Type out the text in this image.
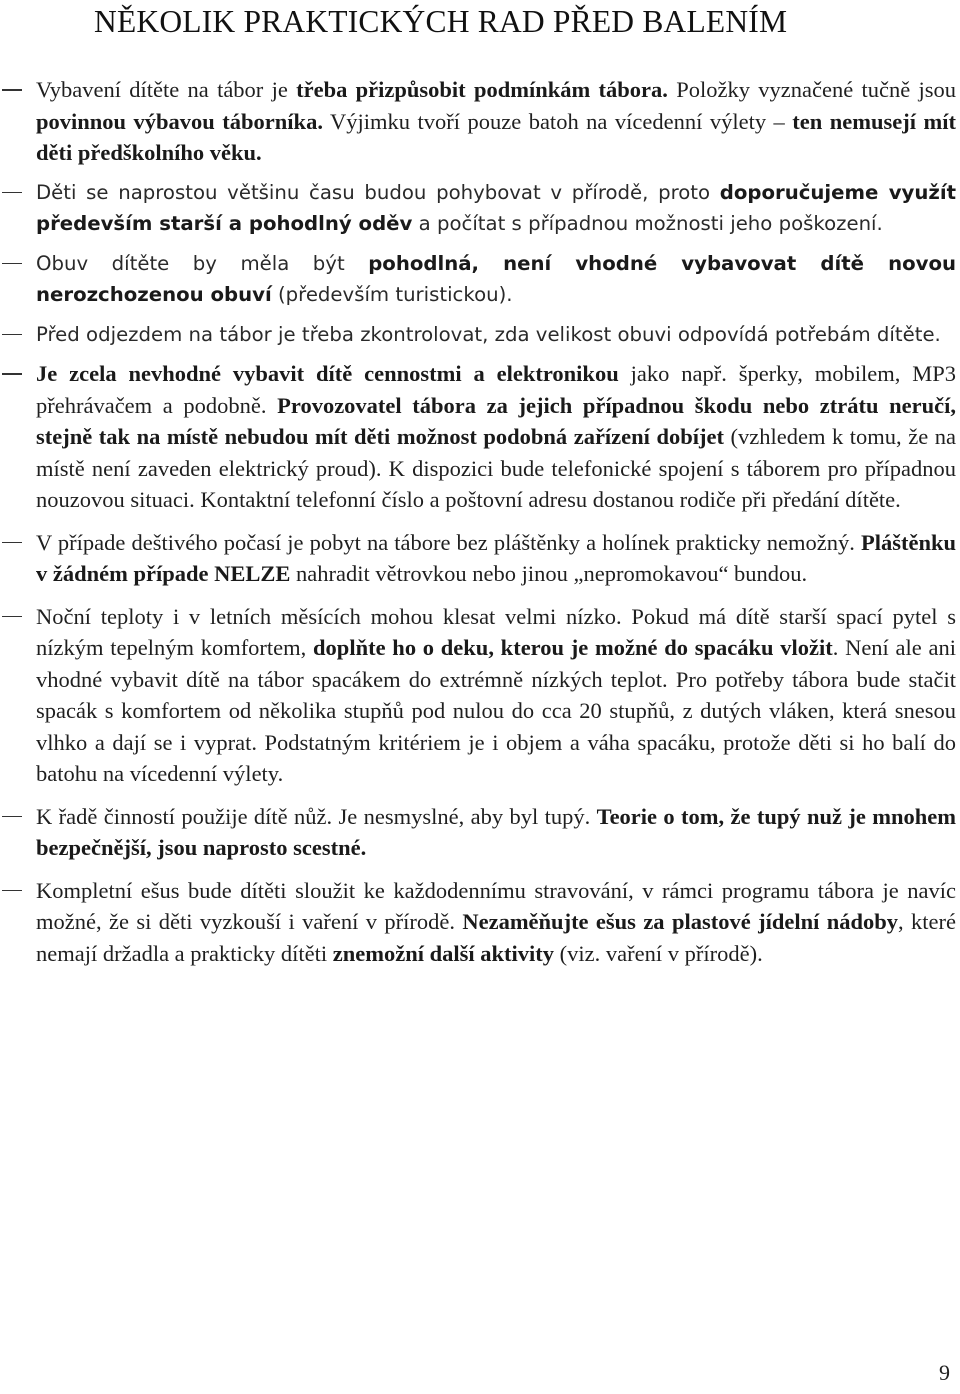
NĚKOLIK PRAKTICKÝCH RAD PŘED BALENÍM
Vybavení dítěte na tábor je třeba přizpůsobit podmínkám tábora. Položky vyznačené tučně jsou povinnou výbavou táborníka. Výjimku tvoří pouze batoh na vícedenní výlety – ten nemusejí mít děti předškolního věku.
Děti se naprostou většinu času budou pohybovat v přírodě, proto doporučujeme využít především starší a pohodlný oděv a počítat s případnou možnosti jeho poškození.
Obuv dítěte by měla být pohodlná, není vhodné vybavovat dítě novou nerozchozenou obuví (především turistickou).
Před odjezdem na tábor je třeba zkontrolovat, zda velikost obuvi odpovídá potřebám dítěte.
Je zcela nevhodné vybavit dítě cennostmi a elektronikou jako např. šperky, mobilem, MP3 přehrávačem a podobně. Provozovatel tábora za jejich případnou škodu nebo ztrátu neručí, stejně tak na místě nebudou mít děti možnost podobná zařízení dobíjet (vzhledem k tomu, že na místě není zaveden elektrický proud). K dispozici bude telefonické spojení s táborem pro případnou nouzovou situaci. Kontaktní telefonní číslo a poštovní adresu dostanou rodiče při předání dítěte.
V případe deštivého počasí je pobyt na tábore bez pláštěnky a holínek prakticky nemožný. Pláštěnku v žádném případe NELZE nahradit větrovkou nebo jinou „nepromokavou“ bundou.
Noční teploty i v letních měsících mohou klesat velmi nízko. Pokud má dítě starší spací pytel s nízkým tepelným komfortem, doplňte ho o deku, kterou je možné do spacáku vložit. Není ale ani vhodné vybavit dítě na tábor spacákem do extrémně nízkých teplot. Pro potřeby tábora bude stačit spacák s komfortem od několika stupňů pod nulou do cca 20 stupňů, z dutých vláken, která snesou vlhko a dají se i vyprat. Podstatným kritériem je i objem a váha spacáku, protože děti si ho balí do batohu na vícedenní výlety.
K řadě činností použije dítě nůž. Je nesmyslné, aby byl tupý. Teorie o tom, že tupý nuž je mnohem bezpečnější, jsou naprosto scestné.
Kompletní ešus bude dítěti sloužit ke každodennímu stravování, v rámci programu tábora je navíc možné, že si děti vyzkouší i vaření v přírodě. Nezaměňujte ešus za plastové jídelní nádoby, které nemají držadla a prakticky dítěti znemožní další aktivity (viz. vaření v přírodě).
9
